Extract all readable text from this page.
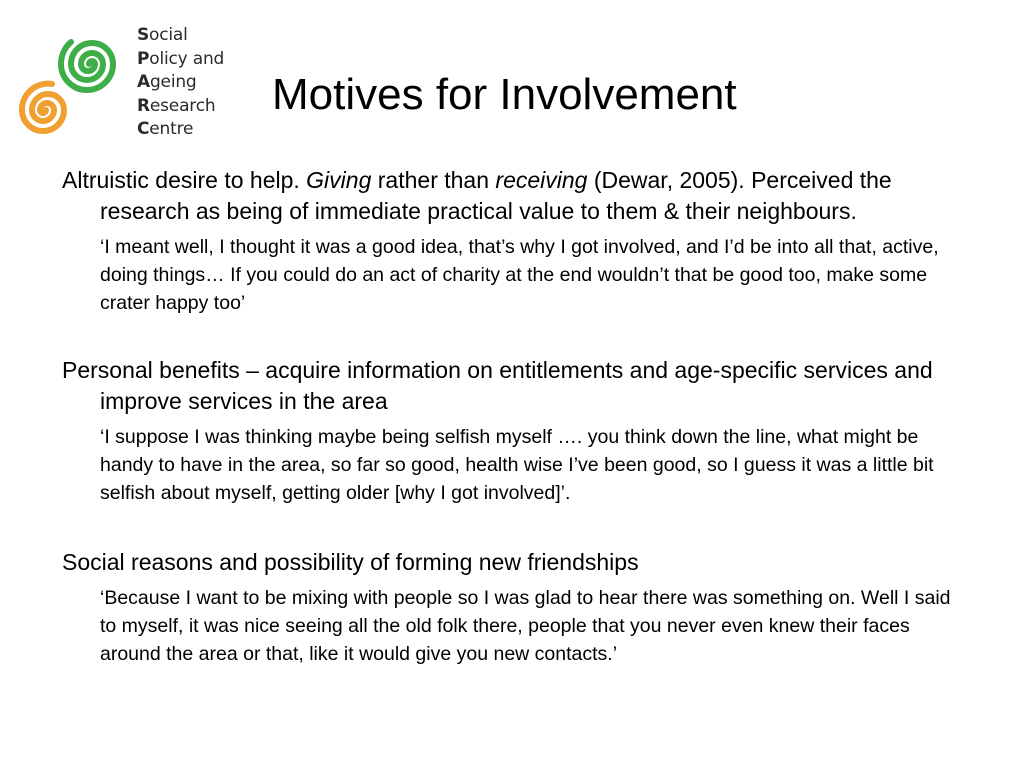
Social
Policy and
Ageing
Research
Centre
Motives for Involvement
Altruistic desire to help. Giving rather than receiving (Dewar, 2005). Perceived the research as being of immediate practical value to them & their neighbours.
‘I meant well, I thought it was a good idea, that’s why I got involved, and I’d be into all that, active, doing things… If you could do an act of charity at the end wouldn’t that be good too, make some crater happy too’
Personal benefits – acquire information on entitlements and age-specific services and improve services in the area
‘I suppose I was thinking maybe being selfish myself …. you think down the line, what might be handy to have in the area, so far so good, health wise I’ve been good, so I guess it was a little bit selfish about myself, getting older [why I got involved]’.
Social reasons and possibility of forming new friendships
‘Because I want to be mixing with people so I was glad to hear there was something on. Well I said to myself, it was nice seeing all the old folk there, people that you never even knew their faces around the area or that, like it would give you new contacts.’
